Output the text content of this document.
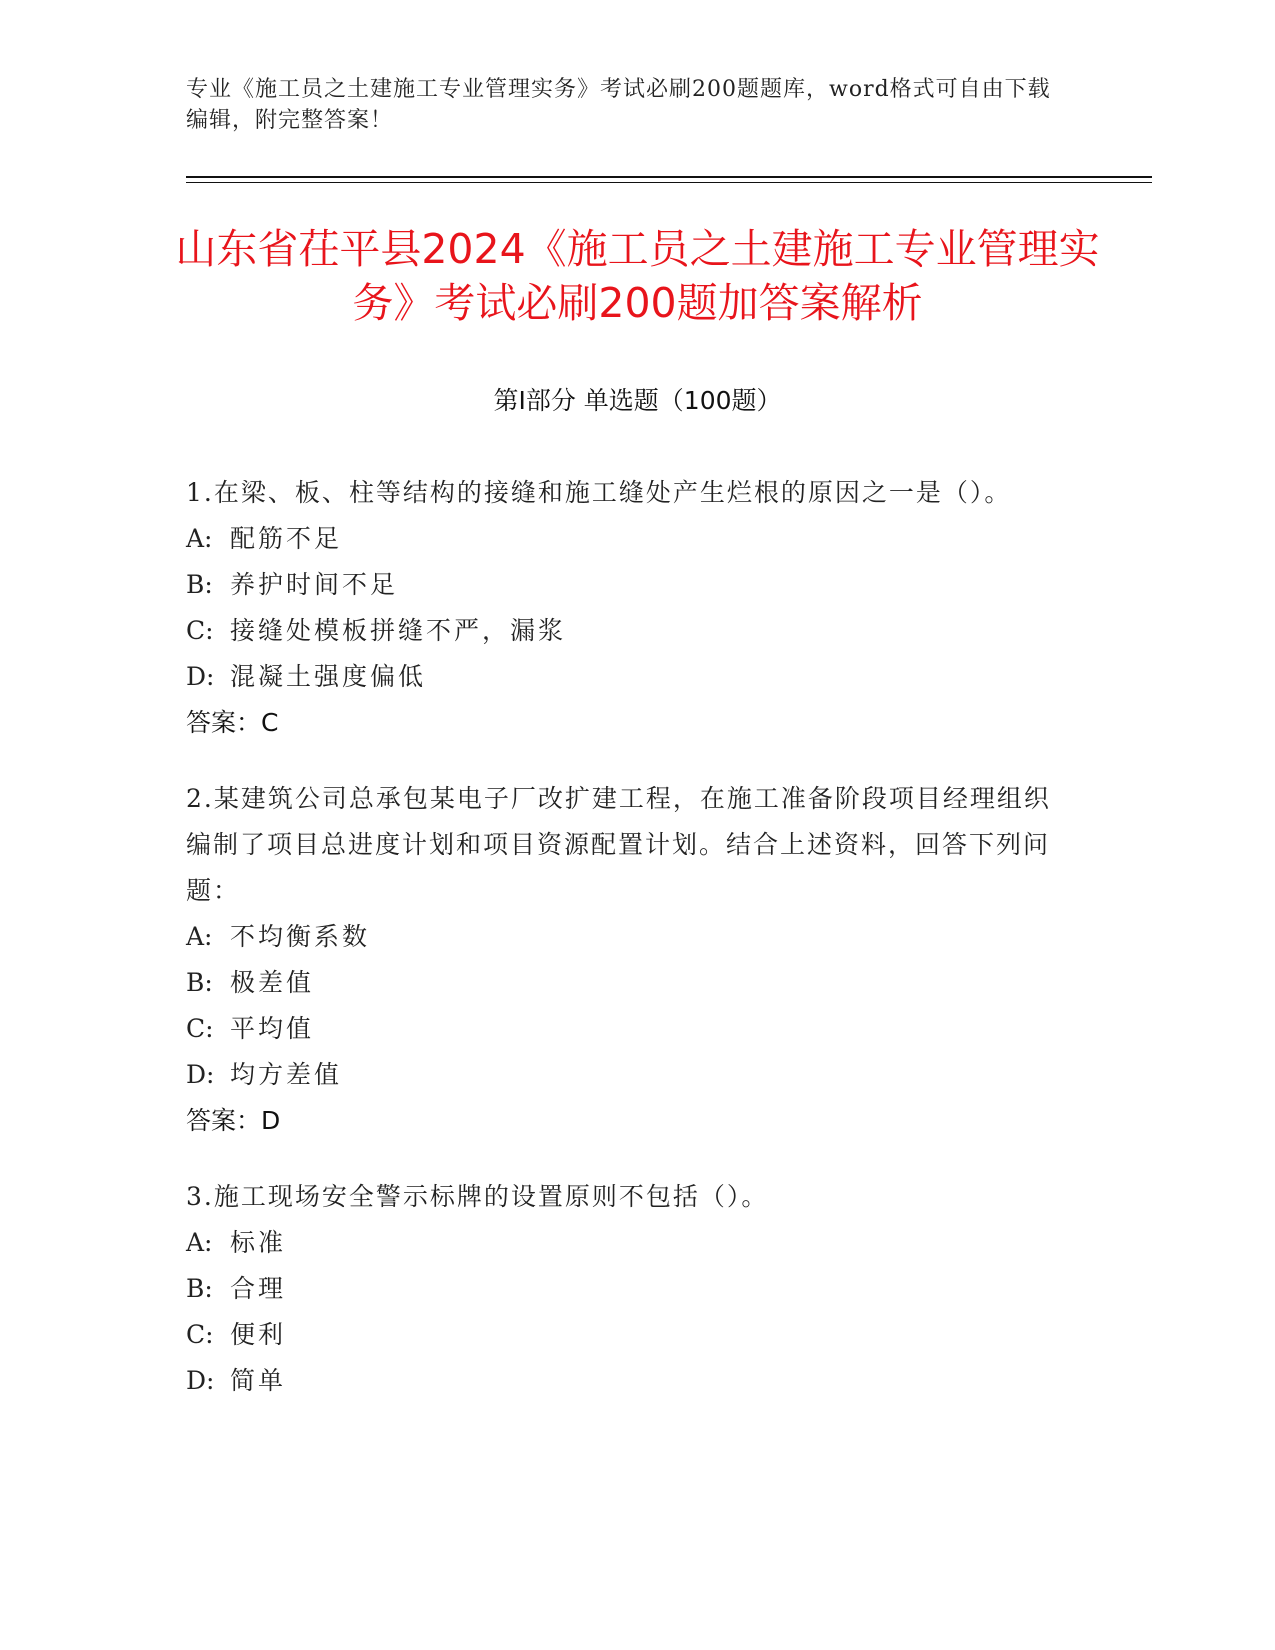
专业《施工员之土建施工专业管理实务》考试必刷200题题库，word格式可自由下载编辑，附完整答案！
山东省茌平县2024《施工员之土建施工专业管理实务》考试必刷200题加答案解析
第Ⅰ部分 单选题（100题）
1.在梁、板、柱等结构的接缝和施工缝处产生烂根的原因之一是（）。
A: 配筋不足
B: 养护时间不足
C: 接缝处模板拼缝不严，漏浆
D: 混凝土强度偏低
答案：C
2.某建筑公司总承包某电子厂改扩建工程，在施工准备阶段项目经理组织编制了项目总进度计划和项目资源配置计划。结合上述资料，回答下列问题：
A: 不均衡系数
B: 极差值
C: 平均值
D: 均方差值
答案：D
3.施工现场安全警示标牌的设置原则不包括（）。
A: 标准
B: 合理
C: 便利
D: 简单
